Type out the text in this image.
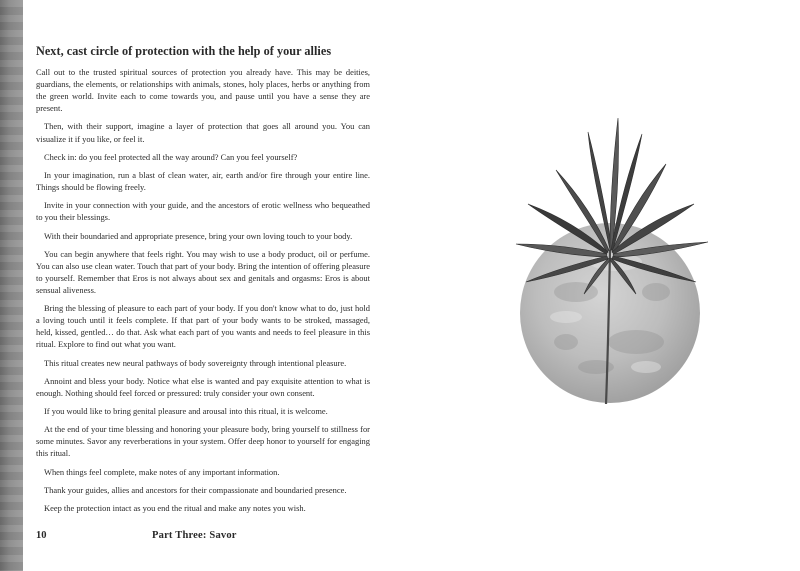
Next, cast circle of protection with the help of your allies

Call out to the trusted spiritual sources of protection you already have. This may be deities, guardians, the elements, or relationships with animals, stones, holy places, herbs or anything from the green world. Invite each to come towards you, and pause until you have a sense they are present.

Then, with their support, imagine a layer of protection that goes all around you. You can visualize it if you like, or feel it.

Check in: do you feel protected all the way around? Can you feel yourself?

In your imagination, run a blast of clean water, air, earth and/or fire through your entire line. Things should be flowing freely.

Invite in your connection with your guide, and the ancestors of erotic wellness who bequeathed to you their blessings.

With their boundaried and appropriate presence, bring your own loving touch to your body.

You can begin anywhere that feels right. You may wish to use a body product, oil or perfume. You can also use clean water. Touch that part of your body. Bring the intention of offering pleasure to yourself. Remember that Eros is not always about sex and genitals and orgasms: Eros is about sensual aliveness.

Bring the blessing of pleasure to each part of your body. If you don't know what to do, just hold a loving touch until it feels complete. If that part of your body wants to be stroked, massaged, held, kissed, gentled… do that. Ask what each part of you wants and needs to feel pleasure in this ritual. Explore to find out what you want.

This ritual creates new neural pathways of body sovereignty through intentional pleasure.

Annoint and bless your body. Notice what else is wanted and pay exquisite attention to what is enough. Nothing should feel forced or pressured: truly consider your own consent.

If you would like to bring genital pleasure and arousal into this ritual, it is welcome.

At the end of your time blessing and honoring your pleasure body, bring yourself to stillness for some minutes. Savor any reverberations in your system. Offer deep honor to yourself for engaging this ritual.

When things feel complete, make notes of any important information.

Thank your guides, allies and ancestors for their compassionate and boundaried presence.

Keep the protection intact as you end the ritual and make any notes you wish.

10	Part Three: Savor
